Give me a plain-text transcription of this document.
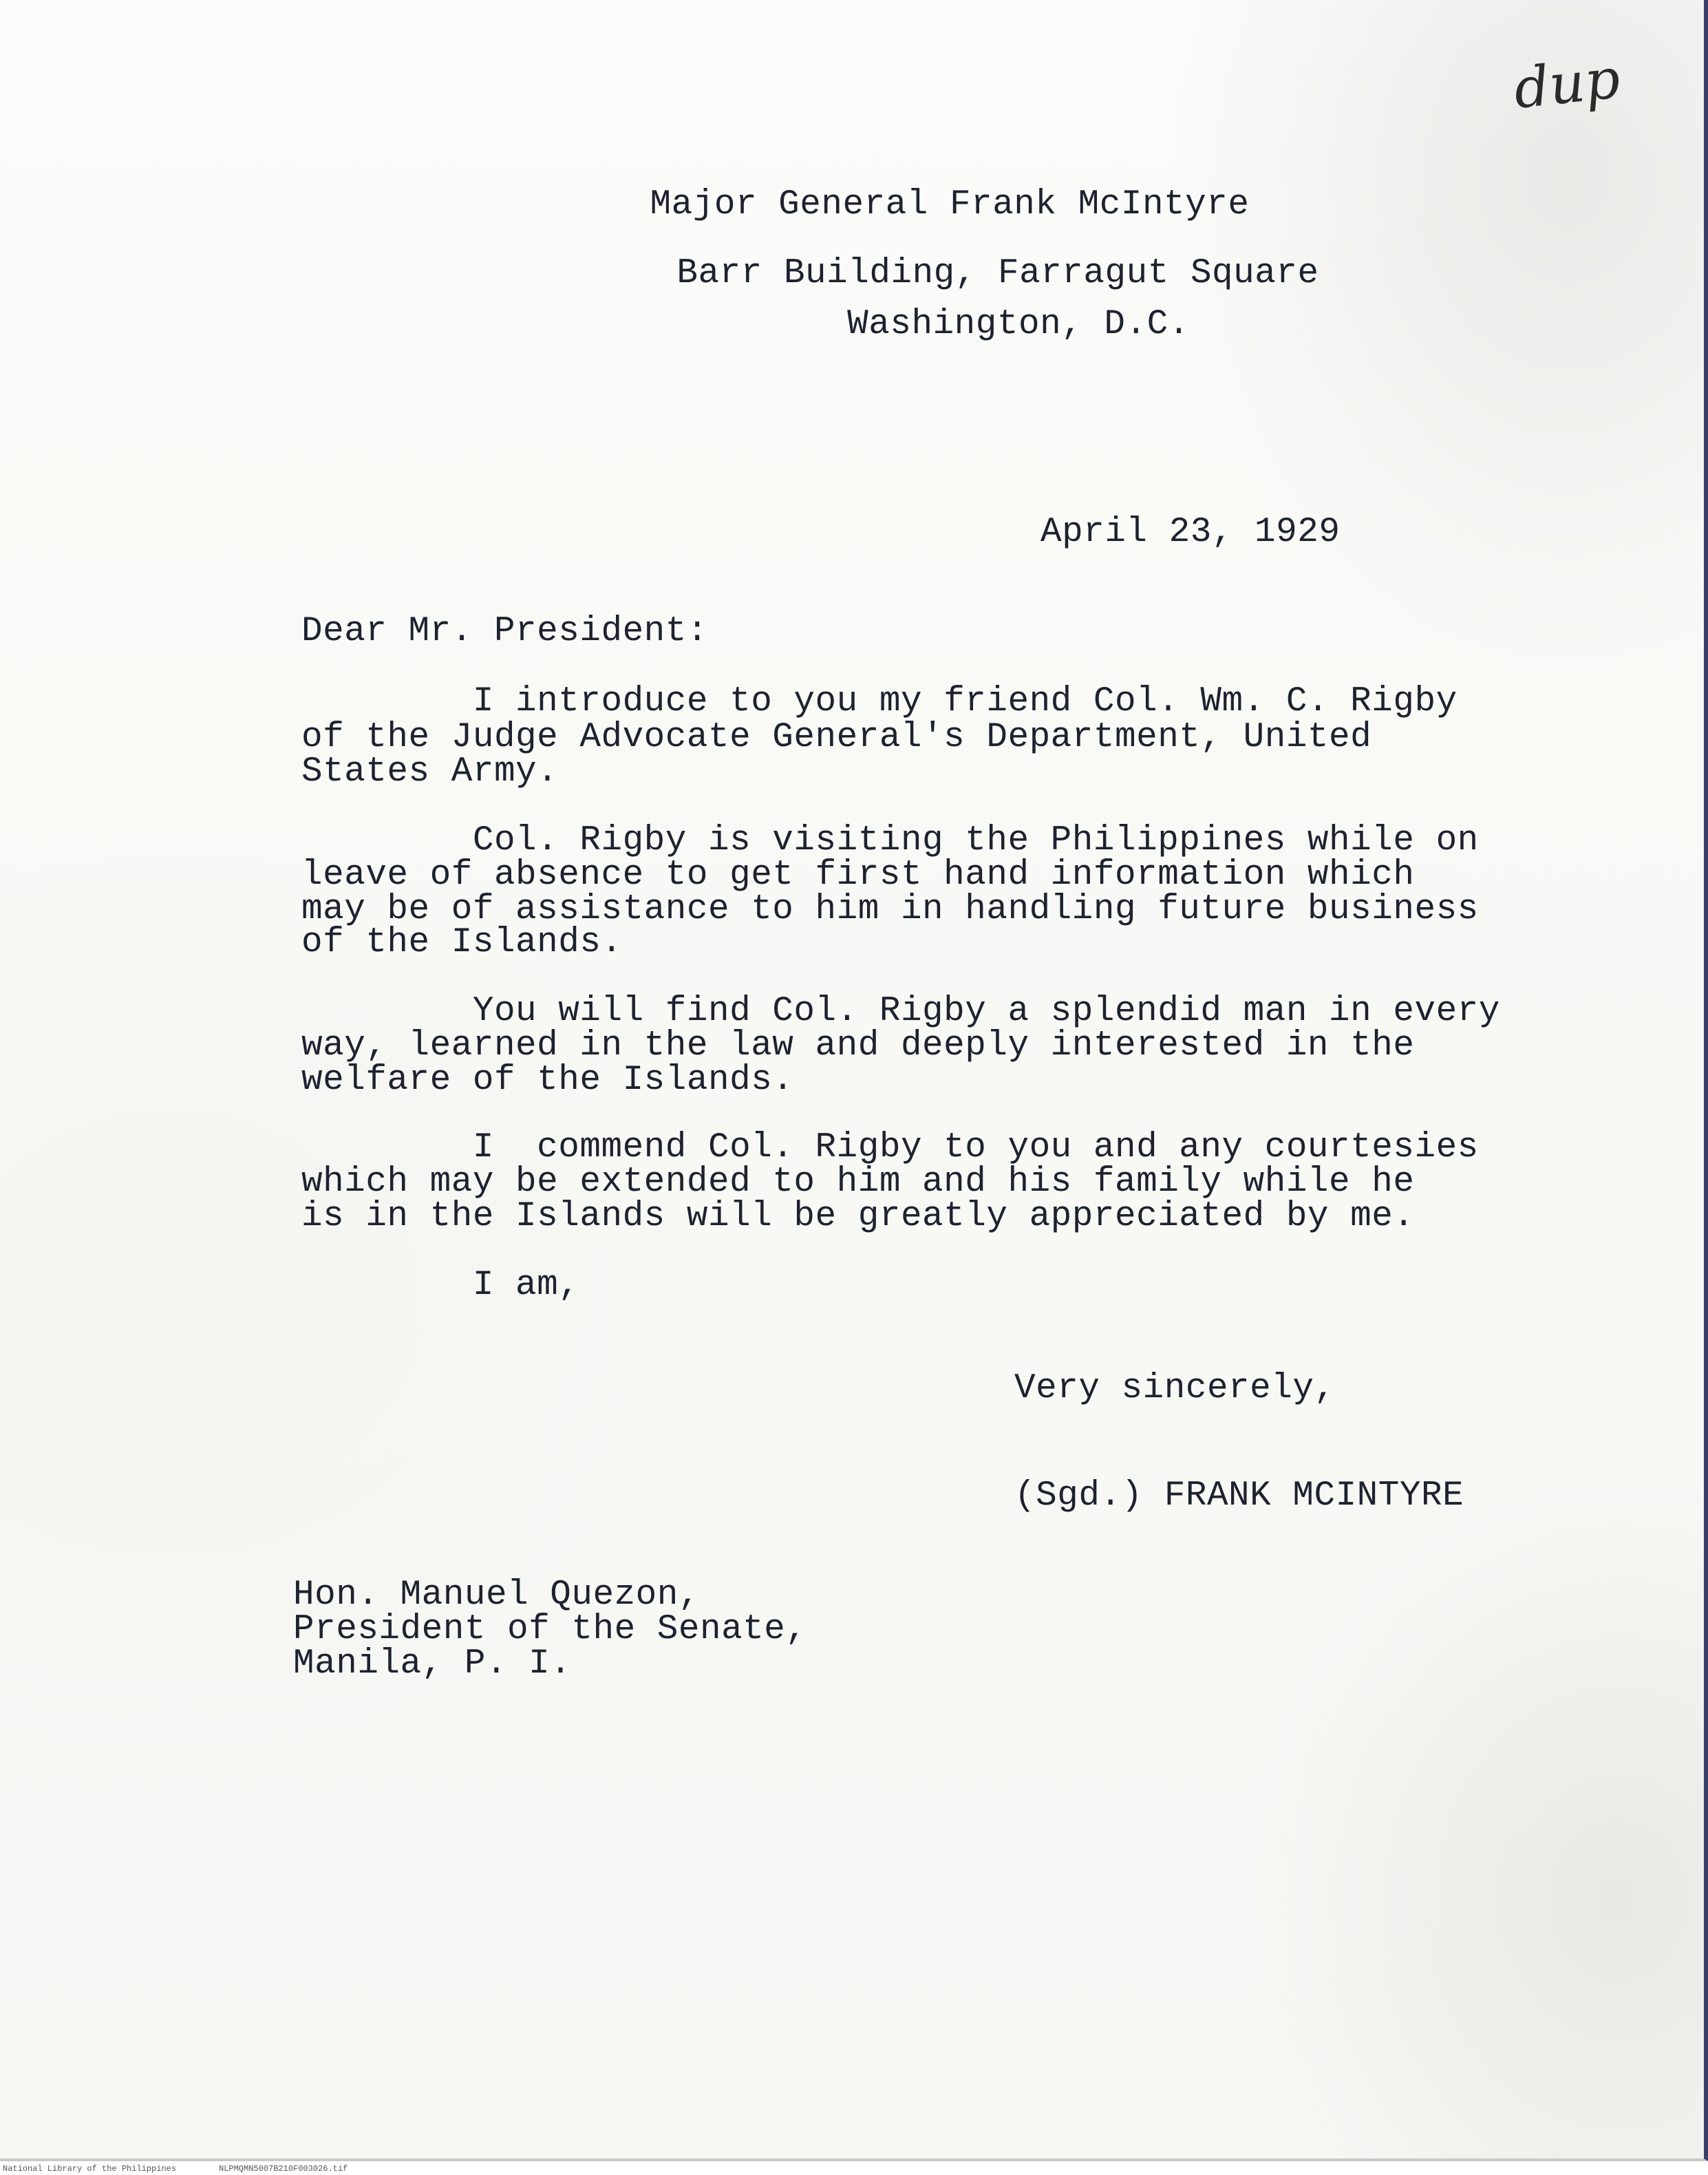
dup
Major General Frank McIntyre
Barr Building, Farragut Square
Washington, D.C.
April 23, 1929
Dear Mr. President:
I introduce to you my friend Col. Wm. C. Rigby
of the Judge Advocate General's Department, United
States Army.
Col. Rigby is visiting the Philippines while on
leave of absence to get first hand information which
may be of assistance to him in handling future business
of the Islands.
You will find Col. Rigby a splendid man in every
way, learned in the law and deeply interested in the
welfare of the Islands.
I  commend Col. Rigby to you and any courtesies
which may be extended to him and his family while he
is in the Islands will be greatly appreciated by me.
I am,
Very sincerely,
(Sgd.) FRANK MCINTYRE
Hon. Manuel Quezon,
President of the Senate,
Manila, P. I.
National Library of the Philippines	NLPMQMN5007B210F003026.tif
